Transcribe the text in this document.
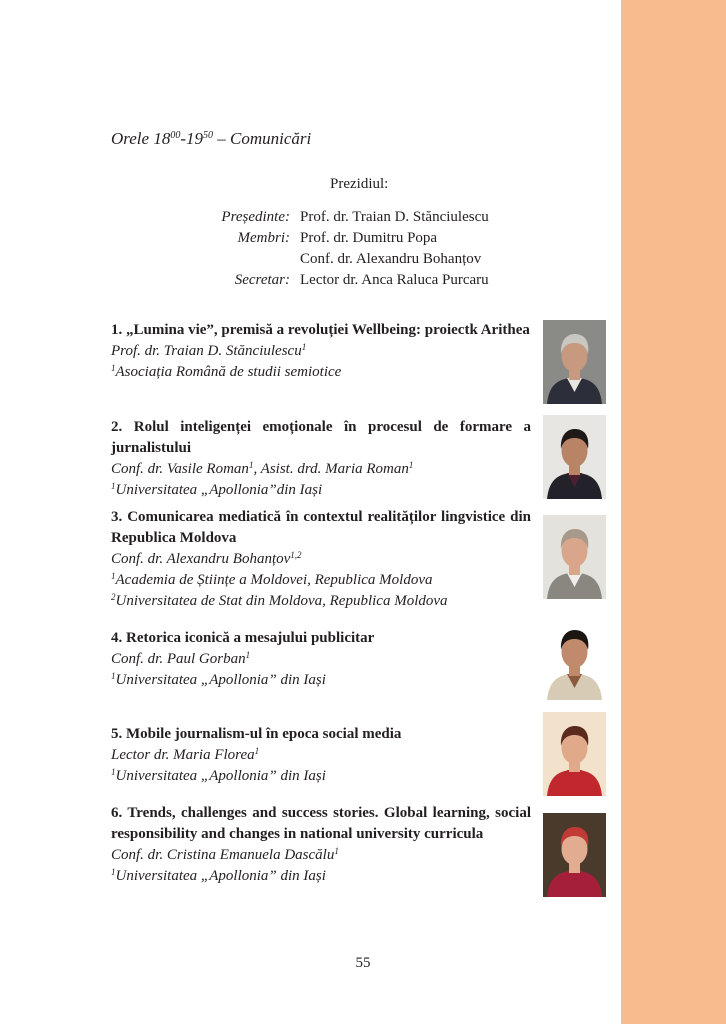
Orele $18^{00}-19^{50}$ – Comunicări
Prezidiul:
Președinte:	Prof. dr. Traian D. Stănciulescu
Membri:	Prof. dr. Dumitru Popa
	Conf. dr. Alexandru Bohanțov
Secretar:	Lector dr. Anca Raluca Purcaru

1. „Lumina vie”, premisă a revoluției Wellbeing: proiectk Arithea

Prof. dr. Traian D. Stănciulescu$^1$

$^1$Asociația Română de studii semiotice

2. Rolul inteligenței emoționale în procesul de formare a jurnalistului

Conf. dr. Vasile Roman$^1$, Asist. drd. Maria Roman$^1$

$^1$Universitatea „Apollonia”din Iași

3. Comunicarea mediatică în contextul realităților lingvistice din Republica Moldova

Conf. dr. Alexandru Bohanțov$^{1,2}$

$^1$Academia de Științe a Moldovei, Republica Moldova

$^2$Universitatea de Stat din Moldova, Republica Moldova

4. Retorica iconică a mesajului publicitar

Conf. dr. Paul Gorban$^1$

$^1$Universitatea „Apollonia” din Iași

5. Mobile journalism-ul în epoca social media

Lector dr. Maria Florea$^1$

$^1$Universitatea „Apollonia” din Iași

6. Trends, challenges and success stories. Global learning, social responsibility and changes in national university curricula

Conf. dr. Cristina Emanuela Dascălu$^1$

$^1$Universitatea „Apollonia” din Iași

55
